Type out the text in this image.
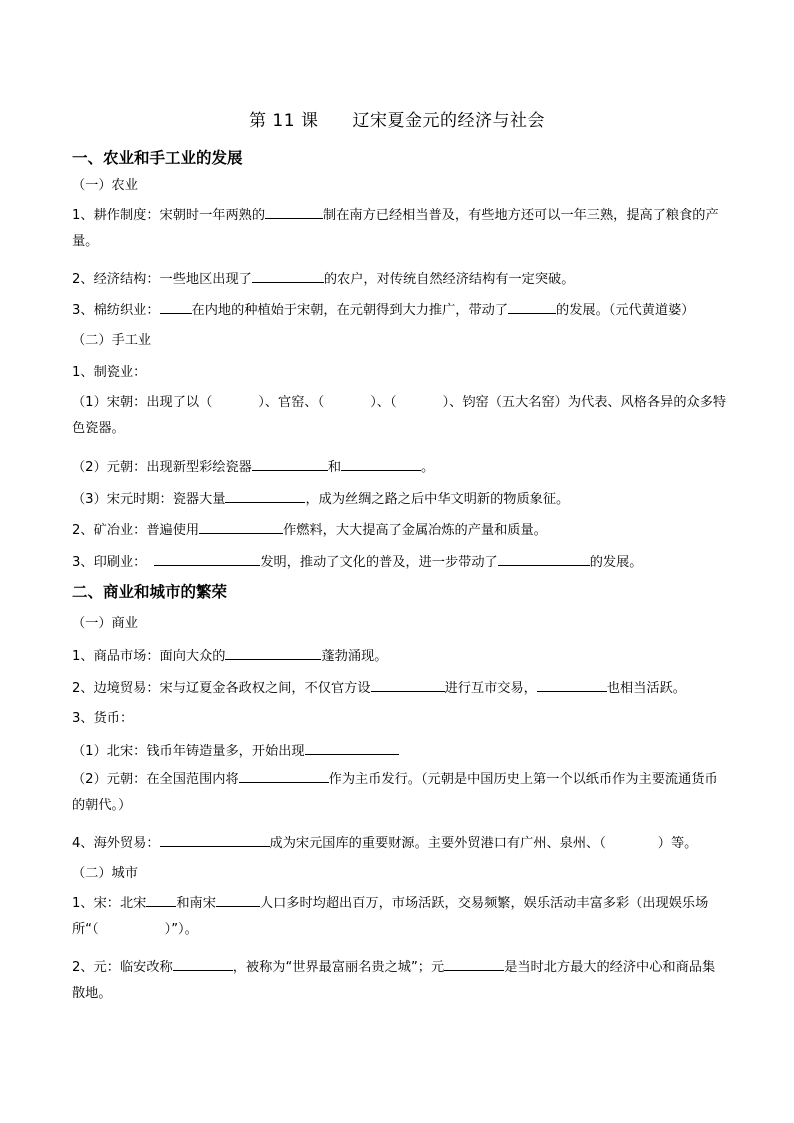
第 11 课 辽宋夏金元的经济与社会
一、农业和手工业的发展
（一）农业
1、耕作制度：宋朝时一年两熟的	制在南方已经相当普及，有些地方还可以一年三熟，提高了粮食的产量。
2、经济结构：一些地区出现了	的农户，对传统自然经济结构有一定突破。
3、棉纺织业： 在内地的种植始于宋朝，在元朝得到大力推广，带动了	的发展。（元代黄道婆）
（二）手工业
1、制瓷业：
（1）宋朝：出现了以（	）、官窑、（	）、（	）、钧窑（五大名窑）为代表、风格各异的众多特色瓷器。
（2）元朝：出现新型彩绘瓷器	和	。
（3）宋元时期：瓷器大量	，成为丝绸之路之后中华文明新的物质象征。
2、矿冶业：普遍使用	作燃料，大大提高了金属冶炼的产量和质量。
3、印刷业：	发明，推动了文化的普及，进一步带动了	的发展。
二、商业和城市的繁荣
（一）商业
1、商品市场：面向大众的	蓬勃涌现。
2、边境贸易：宋与辽夏金各政权之间，不仅官方设	进行互市交易，	也相当活跃。
3、货币：
（1）北宋：钱币年铸造量多，开始出现
（2）元朝：在全国范围内将	作为主币发行。（元朝是中国历史上第一个以纸币作为主要流通货币的朝代。）
4、海外贸易：	成为宋元国库的重要财源。主要外贸港口有广州、泉州、（	）等。
（二）城市
1、宋：北宋 和南宋	人口多时均超出百万，市场活跃，交易频繁，娱乐活动丰富多彩（出现娱乐场所“（	）”）。
2、元：临安改称	，被称为“世界最富丽名贵之城”；元	是当时北方最大的经济中心和商品集散地。
